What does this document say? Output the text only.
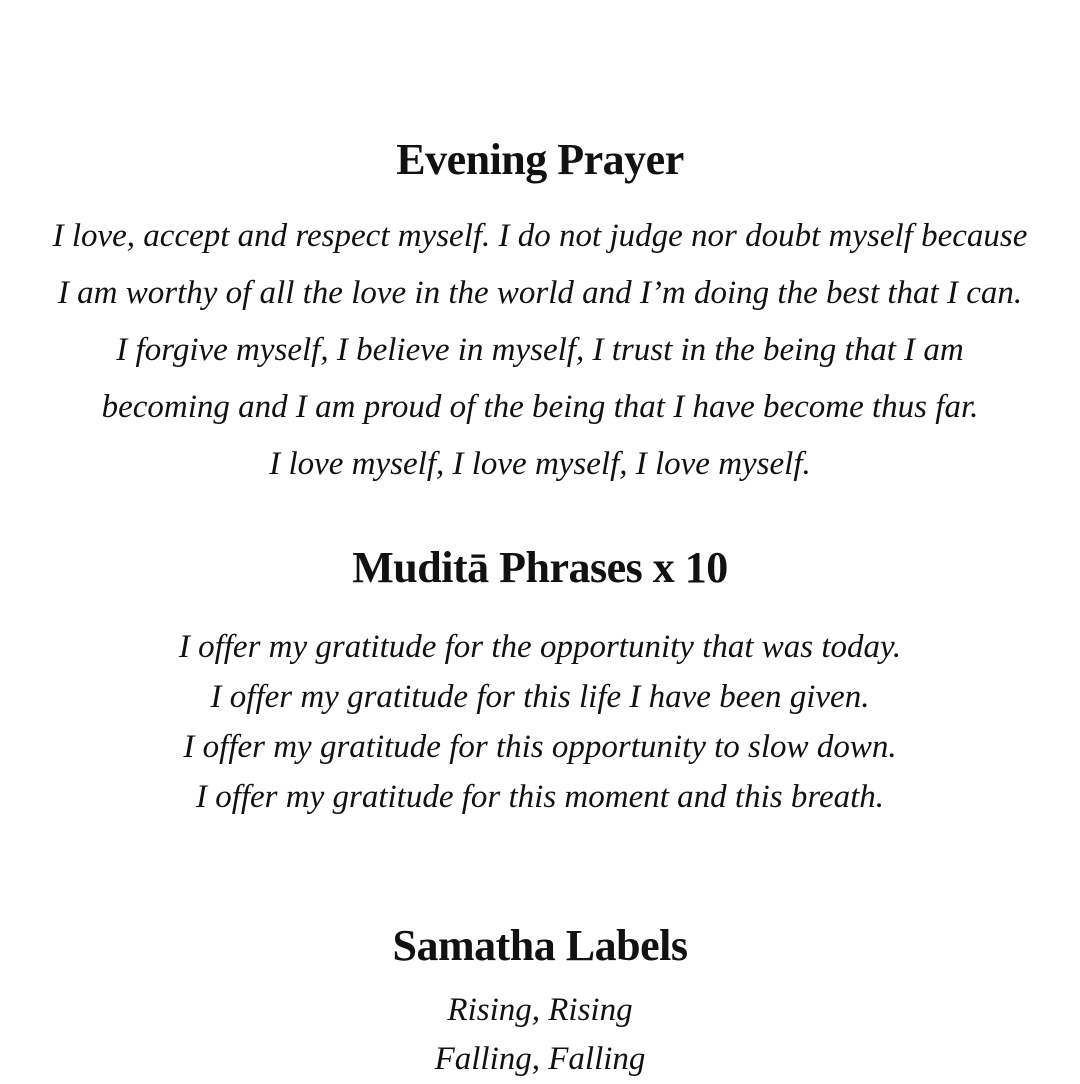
Evening Prayer
I love, accept and respect myself. I do not judge nor doubt myself because
I am worthy of all the love in the world and I’m doing the best that I can.
I forgive myself, I believe in myself, I trust in the being that I am
becoming and I am proud of the being that I have become thus far.
I love myself, I love myself, I love myself.
Muditā Phrases x 10
I offer my gratitude for the opportunity that was today.
I offer my gratitude for this life I have been given.
I offer my gratitude for this opportunity to slow down.
I offer my gratitude for this moment and this breath.
Samatha Labels
Rising, Rising
Falling, Falling
